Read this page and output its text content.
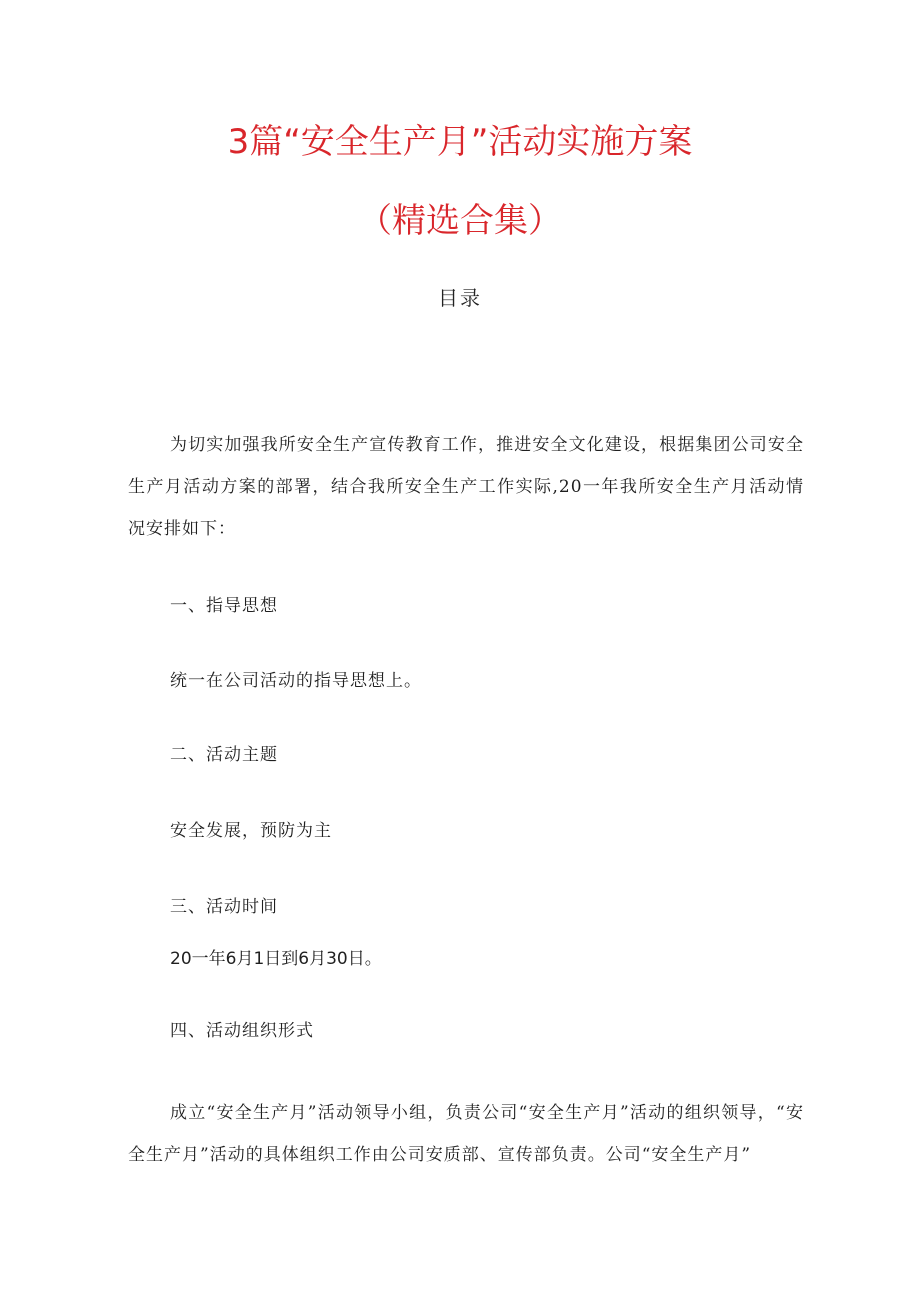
3篇“安全生产月”活动实施方案
（精选合集）
目录

为切实加强我所安全生产宣传教育工作，推进安全文化建设，根据集团公司安全生产月活动方案的部署，结合我所安全生产工作实际,20一年我所安全生产月活动情况安排如下：

一、指导思想
统一在公司活动的指导思想上。
二、活动主题
安全发展，预防为主
三、活动时间
20一年6月1日到6月30日。
四、活动组织形式

成立“安全生产月”活动领导小组，负责公司“安全生产月”活动的组织领导，“安全生产月”活动的具体组织工作由公司安质部、宣传部负责。公司“安全生产月”
